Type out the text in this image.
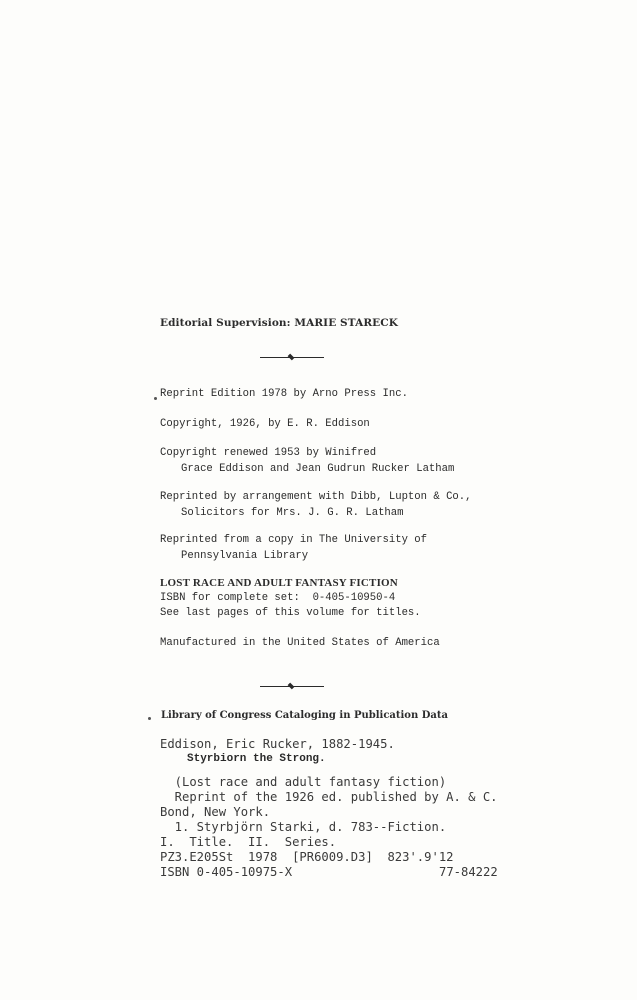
Editorial Supervision: MARIE STARECK
Reprint Edition 1978 by Arno Press Inc.
Copyright, 1926, by E. R. Eddison
Copyright renewed 1953 by Winifred
Grace Eddison and Jean Gudrun Rucker Latham
Reprinted by arrangement with Dibb, Lupton & Co.,
Solicitors for Mrs. J. G. R. Latham
Reprinted from a copy in The University of
Pennsylvania Library
LOST RACE AND ADULT FANTASY FICTION
ISBN for complete set:  0-405-10950-4
See last pages of this volume for titles.
Manufactured in the United States of America
Library of Congress Cataloging in Publication Data
Eddison, Eric Rucker, 1882-1945.
Styrbiorn the Strong.
(Lost race and adult fantasy fiction)
Reprint of the 1926 ed. published by A. & C.
Bond, New York.
1. Styrbjörn Starki, d. 783--Fiction.
I.  Title.  II.  Series.
PZ3.E205St  1978  [PR6009.D3]  823'.9'12
ISBN 0-405-10975-X	77-84222
